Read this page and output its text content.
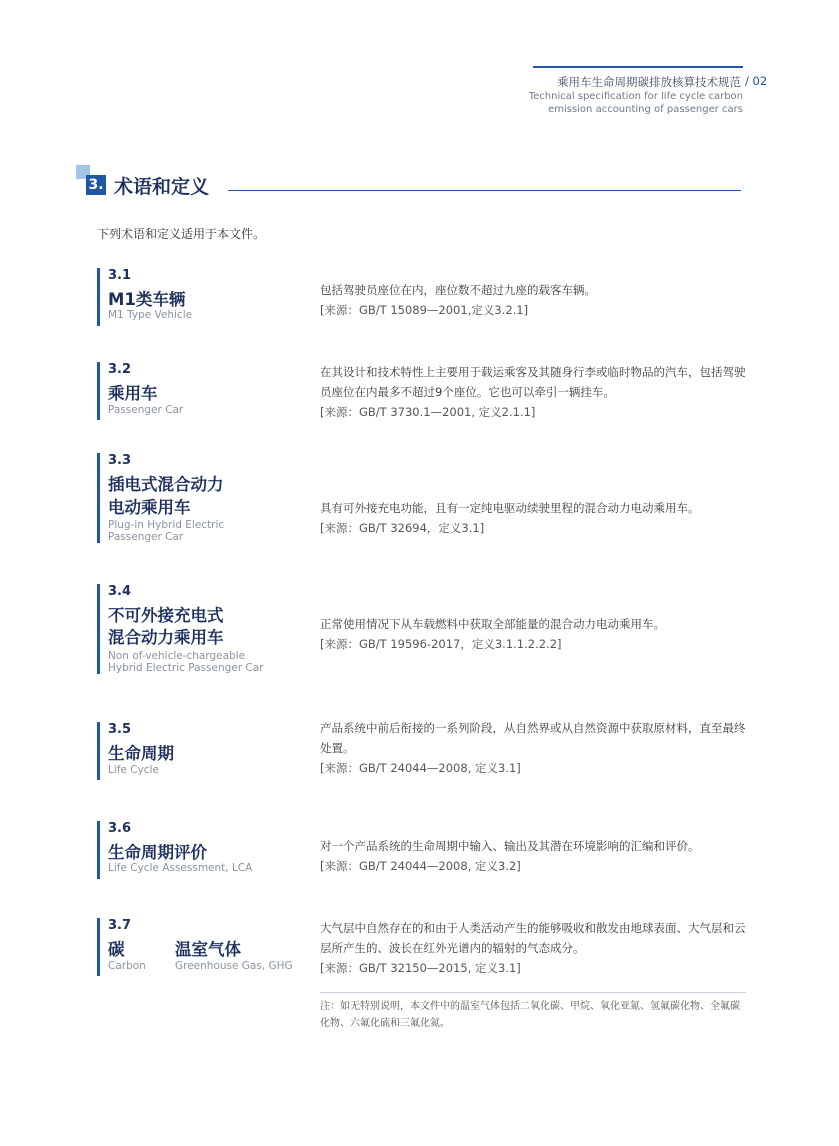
乘用车生命周期碳排放核算技术规范 / 02
Technical specification for life cycle carbon
emission accounting of passenger cars
3. 术语和定义
下列术语和定义适用于本文件。
3.1
M1类车辆
M1 Type Vehicle

包括驾驶员座位在内，座位数不超过九座的载客车辆。

[来源：GB/T 15089—2001,定义3.2.1]

3.2
乘用车
Passenger Car

在其设计和技术特性上主要用于载运乘客及其随身行李或临时物品的汽车，包括驾驶员座位在内最多不超过9个座位。它也可以牵引一辆挂车。

[来源：GB/T 3730.1—2001, 定义2.1.1]

3.3
插电式混合动力
电动乘用车
Plug-in Hybrid Electric
Passenger Car

具有可外接充电功能，且有一定纯电驱动续驶里程的混合动力电动乘用车。

[来源：GB/T 32694，定义3.1]

3.4
不可外接充电式
混合动力乘用车
Non of-vehicle-chargeable
Hybrid Electric Passenger Car

正常使用情况下从车载燃料中获取全部能量的混合动力电动乘用车。

[来源：GB/T 19596-2017，定义3.1.1.2.2.2]

3.5
生命周期
Life Cycle

产品系统中前后衔接的一系列阶段，从自然界或从自然资源中获取原材料，直至最终处置。

[来源：GB/T 24044—2008, 定义3.1]

3.6
生命周期评价
Life Cycle Assessment, LCA

对一个产品系统的生命周期中输入、输出及其潜在环境影响的汇编和评价。

[来源：GB/T 24044—2008, 定义3.2]

3.7
碳
Carbon
温室气体
Greenhouse Gas, GHG

大气层中自然存在的和由于人类活动产生的能够吸收和散发由地球表面、大气层和云层所产生的、波长在红外光谱内的辐射的气态成分。

[来源：GB/T 32150—2015, 定义3.1]

注：如无特别说明，本文件中的温室气体包括二氧化碳、甲烷、氧化亚氮、氢氟碳化物、全氟碳化物、六氟化硫和三氟化氮。
